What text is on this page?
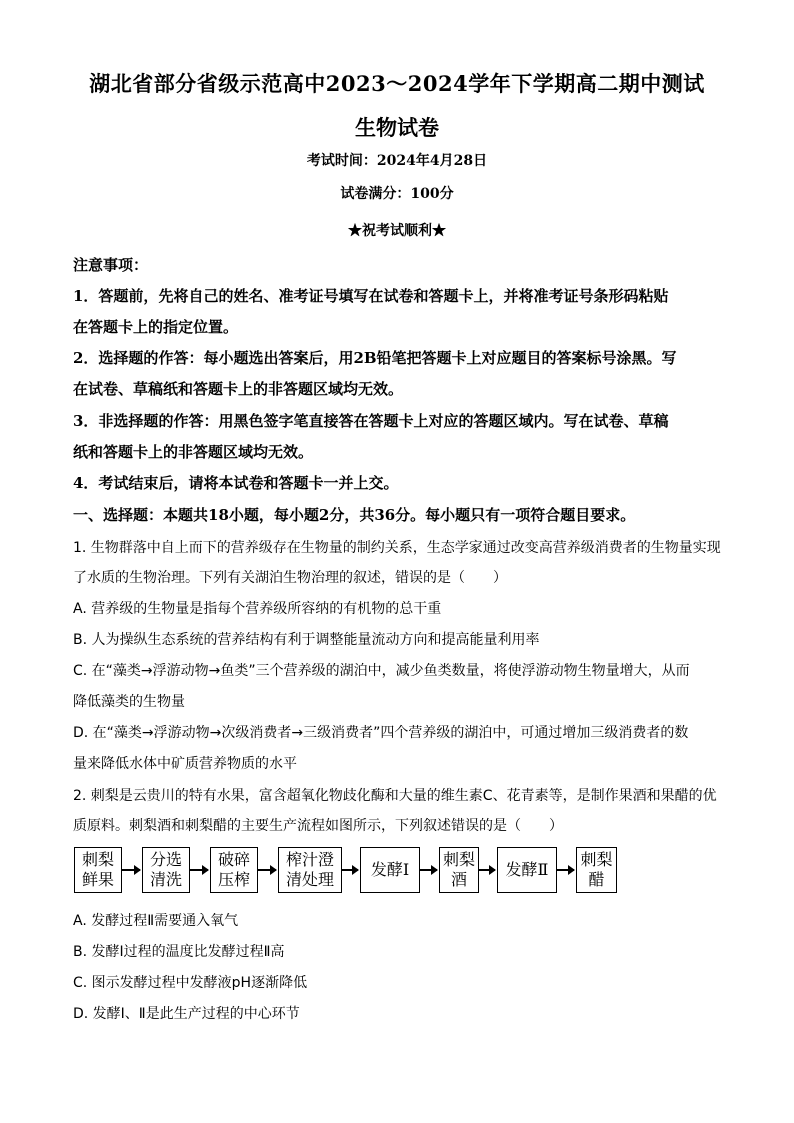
湖北省部分省级示范高中2023～2024学年下学期高二期中测试
生物试卷
考试时间：2024年4月28日
试卷满分：100分
★祝考试顺利★
注意事项：
1．答题前，先将自己的姓名、准考证号填写在试卷和答题卡上，并将准考证号条形码粘贴
在答题卡上的指定位置。
2．选择题的作答：每小题选出答案后，用2B铅笔把答题卡上对应题目的答案标号涂黑。写
在试卷、草稿纸和答题卡上的非答题区域均无效。
3．非选择题的作答：用黑色签字笔直接答在答题卡上对应的答题区域内。写在试卷、草稿
纸和答题卡上的非答题区域均无效。
4．考试结束后，请将本试卷和答题卡一并上交。
一、选择题：本题共18小题，每小题2分，共36分。每小题只有一项符合题目要求。
1. 生物群落中自上而下的营养级存在生物量的制约关系，生态学家通过改变高营养级消费者的生物量实现
了水质的生物治理。下列有关湖泊生物治理的叙述，错误的是（　　）
A. 营养级的生物量是指每个营养级所容纳的有机物的总干重
B. 人为操纵生态系统的营养结构有利于调整能量流动方向和提高能量利用率
C. 在“藻类→浮游动物→鱼类”三个营养级的湖泊中，减少鱼类数量，将使浮游动物生物量增大，从而
降低藻类的生物量
D. 在“藻类→浮游动物→次级消费者→三级消费者”四个营养级的湖泊中，可通过增加三级消费者的数
量来降低水体中矿质营养物质的水平
2. 刺梨是云贵川的特有水果，富含超氧化物歧化酶和大量的维生素C、花青素等，是制作果酒和果醋的优
质原料。刺梨酒和刺梨醋的主要生产流程如图所示，下列叙述错误的是（　　）
刺梨
鲜果
分选
清洗
破碎
压榨
榨汁澄
清处理
发酵Ⅰ
刺梨
酒
发酵Ⅱ
刺梨
醋
A. 发酵过程Ⅱ需要通入氧气
B. 发酵Ⅰ过程的温度比发酵过程Ⅱ高
C. 图示发酵过程中发酵液pH逐渐降低
D. 发酵Ⅰ、Ⅱ是此生产过程的中心环节
